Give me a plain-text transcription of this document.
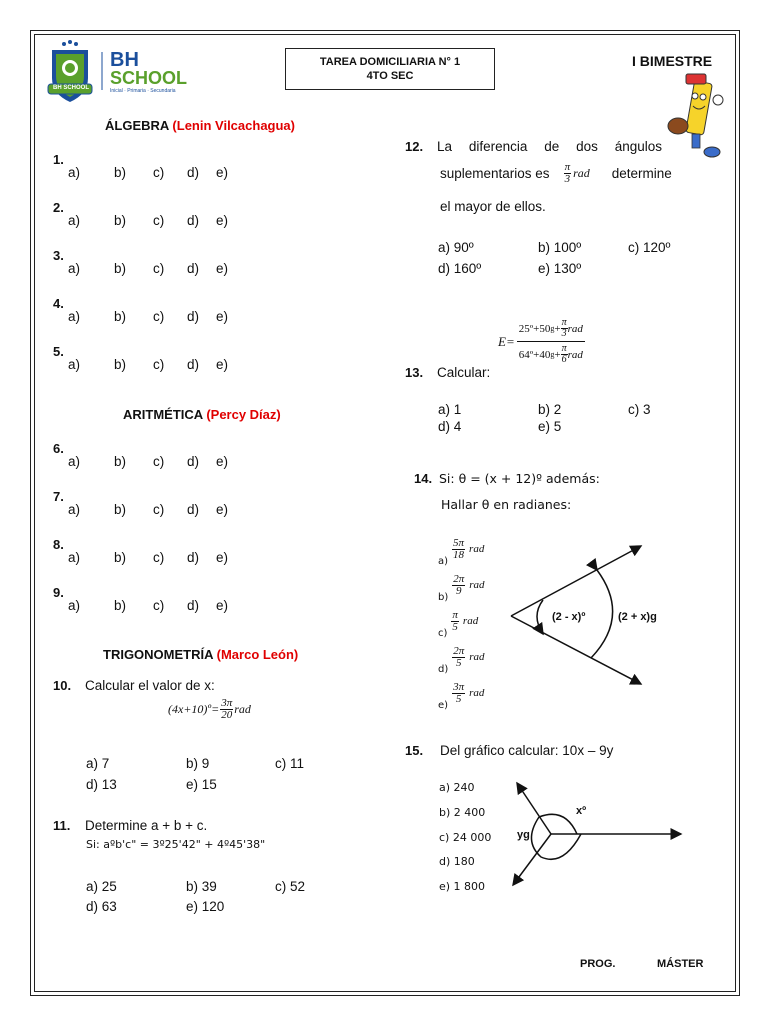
BH SCHOOL
BH
SCHOOL
Inicial · Primaria · Secundaria
TAREA DOMICILIARIA N° 1
4TO SEC
I BIMESTRE
ÁLGEBRA (Lenin Vilcachagua)
1.
a)	b) c) d) e)
2.
a)	b) c) d) e)
3.
a)	b) c) d) e)
4.
a)	b) c) d) e)
5.
a)	b) c) d) e)
6.
a)	b) c) d) e)
7.
a)	b) c) d) e)
8.
a)	b) c) d) e)
9.
a)	b) c) d) e)
ARITMÉTICA (Percy Díaz)
TRIGONOMETRÍA (Marco León)
10. Calcular el valor de x:
(4x+10)º= $\frac{3\pi}{20}$ rad
a) 7	b) 9	c) 11
d) 13	e) 15
11. Determine a + b + c.
Si: aºb'c" = 3º25'42" + 4º45'38"
a) 25	b) 39	c) 52
d) 63	e) 120
12. La diferencia de dos ángulos
suplementarios es $\frac{\pi}{3}$ rad determine
el mayor de ellos.
a) 90º	b) 100º	c) 120º
d) 160º	e) 130º
E=
25º+50 $g + \frac{\pi}{3}$ rad
64º+40 $g + \frac{\pi}{6}$ rad
13. Calcular:
a) 1	b) 2	c) 3
d) 4	e) 5
14. Si: θ = (x + 12)º además:
Hallar θ en radianes:
a)
$\frac{5\pi}{18}$ rad
b)
$\frac{2\pi}{9}$ rad
c)
$\frac{\pi}{5}$ rad
d)
$\frac{2\pi}{5}$ rad
e)
$\frac{3\pi}{5}$ rad
(2 - x)º	(2 + x)g
15. Del gráfico calcular: 10x – 9y
a) 240
b) 2 400
c) 24 000
d) 180
e) 1 800
xº
yg
PROG.	MÁSTER
